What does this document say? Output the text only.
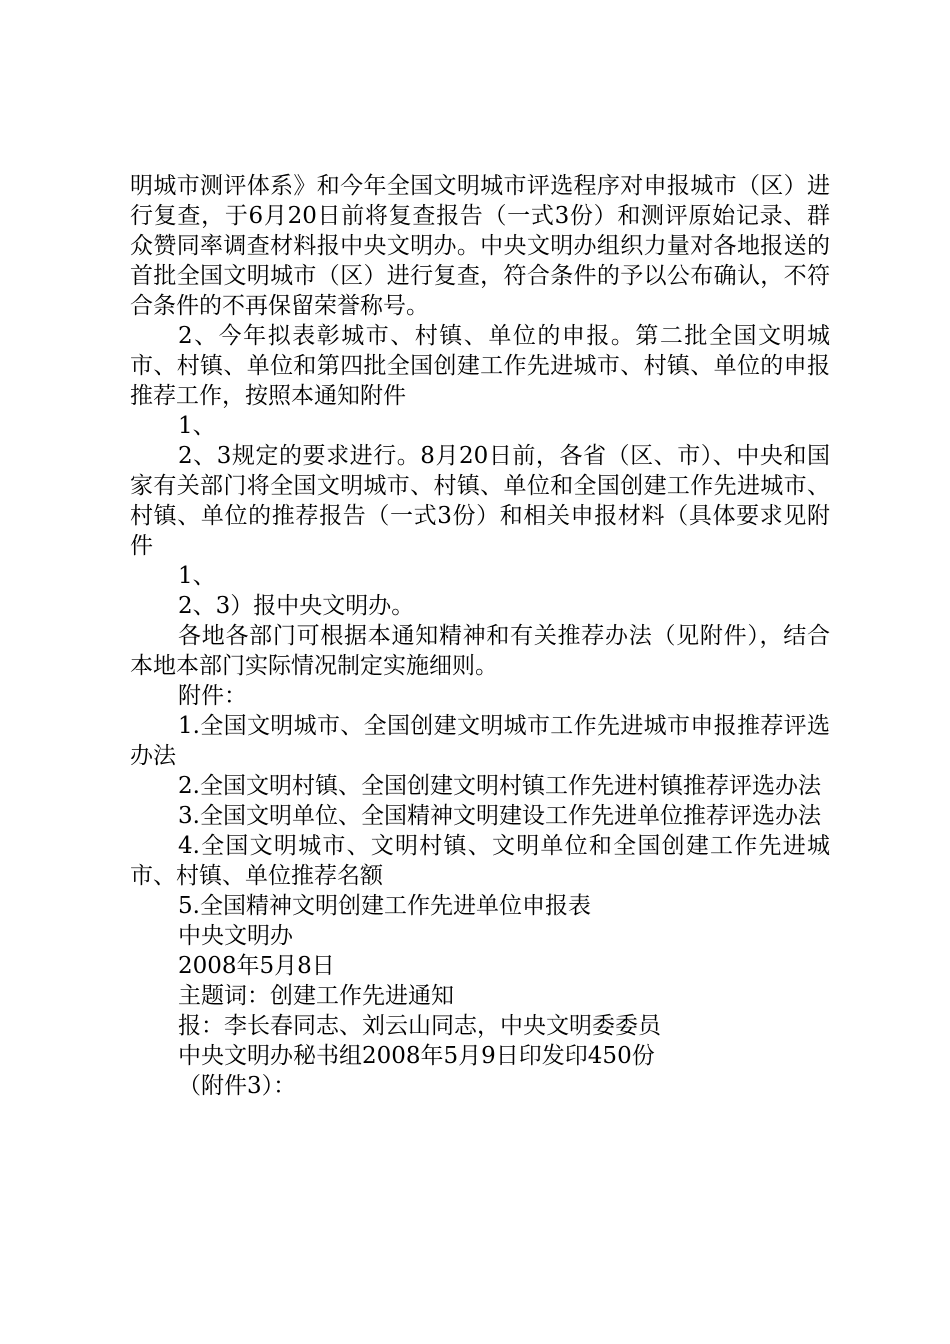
明城市测评体系》和今年全国文明城市评选程序对申报城市（区）进行复查，于6月20日前将复查报告（一式3份）和测评原始记录、群众赞同率调查材料报中央文明办。中央文明办组织力量对各地报送的首批全国文明城市（区）进行复查，符合条件的予以公布确认，不符合条件的不再保留荣誉称号。

2、今年拟表彰城市、村镇、单位的申报。第二批全国文明城市、村镇、单位和第四批全国创建工作先进城市、村镇、单位的申报推荐工作，按照本通知附件

1、

2、3规定的要求进行。8月20日前，各省（区、市）、中央和国家有关部门将全国文明城市、村镇、单位和全国创建工作先进城市、村镇、单位的推荐报告（一式3份）和相关申报材料（具体要求见附件

1、

2、3）报中央文明办。

各地各部门可根据本通知精神和有关推荐办法（见附件），结合本地本部门实际情况制定实施细则。

附件：

1.全国文明城市、全国创建文明城市工作先进城市申报推荐评选办法

2.全国文明村镇、全国创建文明村镇工作先进村镇推荐评选办法

3.全国文明单位、全国精神文明建设工作先进单位推荐评选办法

4.全国文明城市、文明村镇、文明单位和全国创建工作先进城市、村镇、单位推荐名额

5.全国精神文明创建工作先进单位申报表

中央文明办

2008年5月8日

主题词：创建工作先进通知

报：李长春同志、刘云山同志，中央文明委委员

中央文明办秘书组2008年5月9日印发印450份

（附件3）：
